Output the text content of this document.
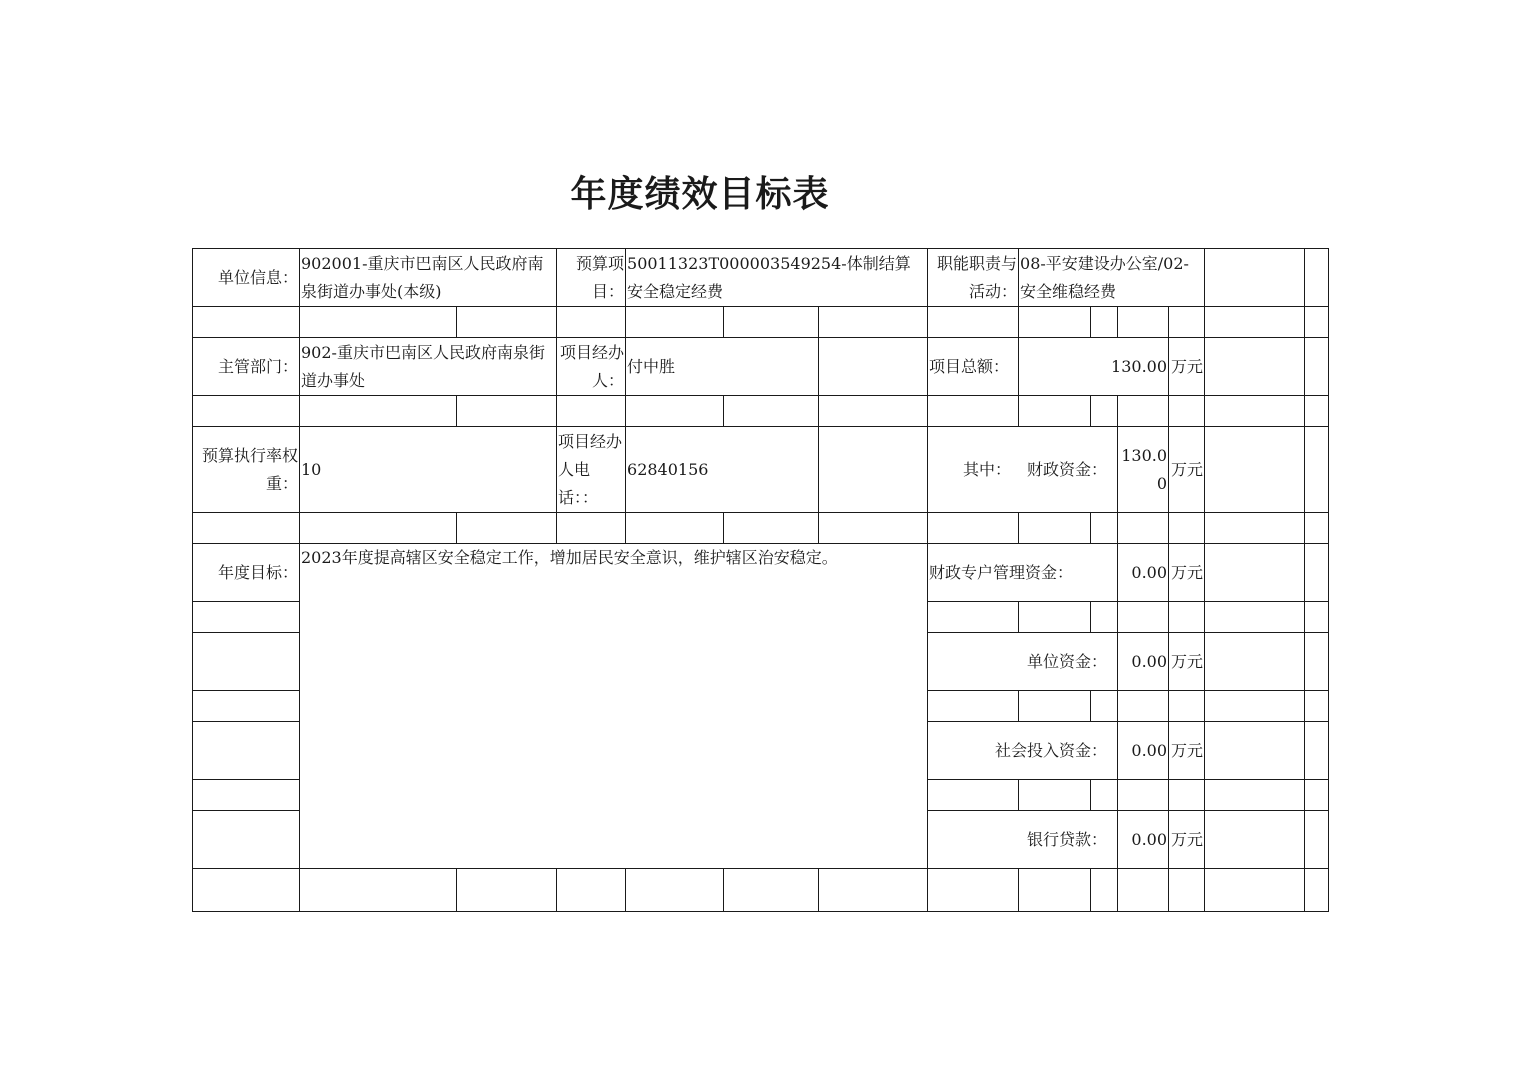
年度绩效目标表
单位信息：	902001-重庆市巴南区人民政府南泉街道办事处(本级)		预算项目：	50011323T000003549254-体制结算安全稳定经费			职能职责与活动：	08-平安建设办公室/02-安全维稳经费					

主管部门：	902-重庆市巴南区人民政府南泉街道办事处		项目经办人：	付中胜			项目总额：	130.00			万元		

预算执行率权重：	10		项目经办人电话：：	62840156			其中： 财政资金：			130.00	万元		

年度目标：	2023年度提高辖区安全稳定工作，增加居民安全意识，维护辖区治安稳定。						财政专户管理资金：			0.00	万元		

							单位资金：			0.00	万元		

							社会投入资金：			0.00	万元		

							银行贷款：			0.00	万元		
